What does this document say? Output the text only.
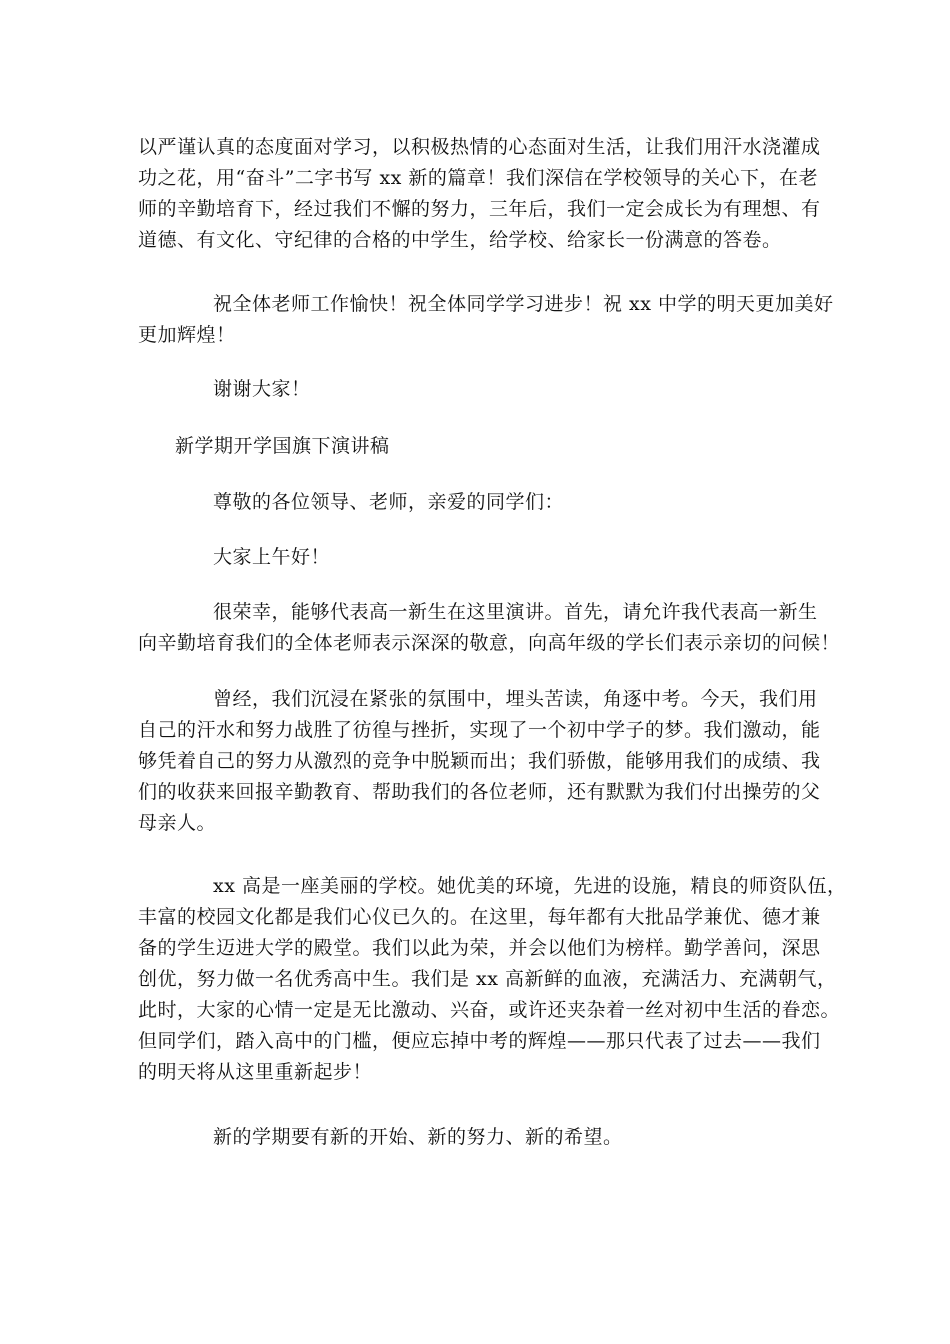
以严谨认真的态度面对学习，以积极热情的心态面对生活，让我们用汗水浇灌成
功之花，用“奋斗”二字书写 xx 新的篇章！我们深信在学校领导的关心下，在老
师的辛勤培育下，经过我们不懈的努力，三年后，我们一定会成长为有理想、有
道德、有文化、守纪律的合格的中学生，给学校、给家长一份满意的答卷。
祝全体老师工作愉快！祝全体同学学习进步！祝 xx 中学的明天更加美好
更加辉煌！
谢谢大家！
新学期开学国旗下演讲稿
尊敬的各位领导、老师，亲爱的同学们：
大家上午好！
很荣幸，能够代表高一新生在这里演讲。首先，请允许我代表高一新生
向辛勤培育我们的全体老师表示深深的敬意，向高年级的学长们表示亲切的问候！
曾经，我们沉浸在紧张的氛围中，埋头苦读，角逐中考。今天，我们用
自己的汗水和努力战胜了彷徨与挫折，实现了一个初中学子的梦。我们激动，能
够凭着自己的努力从激烈的竞争中脱颖而出；我们骄傲，能够用我们的成绩、我
们的收获来回报辛勤教育、帮助我们的各位老师，还有默默为我们付出操劳的父
母亲人。
xx 高是一座美丽的学校。她优美的环境，先进的设施，精良的师资队伍，
丰富的校园文化都是我们心仪已久的。在这里，每年都有大批品学兼优、德才兼
备的学生迈进大学的殿堂。我们以此为荣，并会以他们为榜样。勤学善问，深思
创优，努力做一名优秀高中生。我们是 xx 高新鲜的血液，充满活力、充满朝气，
此时，大家的心情一定是无比激动、兴奋，或许还夹杂着一丝对初中生活的眷恋。
但同学们，踏入高中的门槛，便应忘掉中考的辉煌——那只代表了过去——我们
的明天将从这里重新起步！
新的学期要有新的开始、新的努力、新的希望。
